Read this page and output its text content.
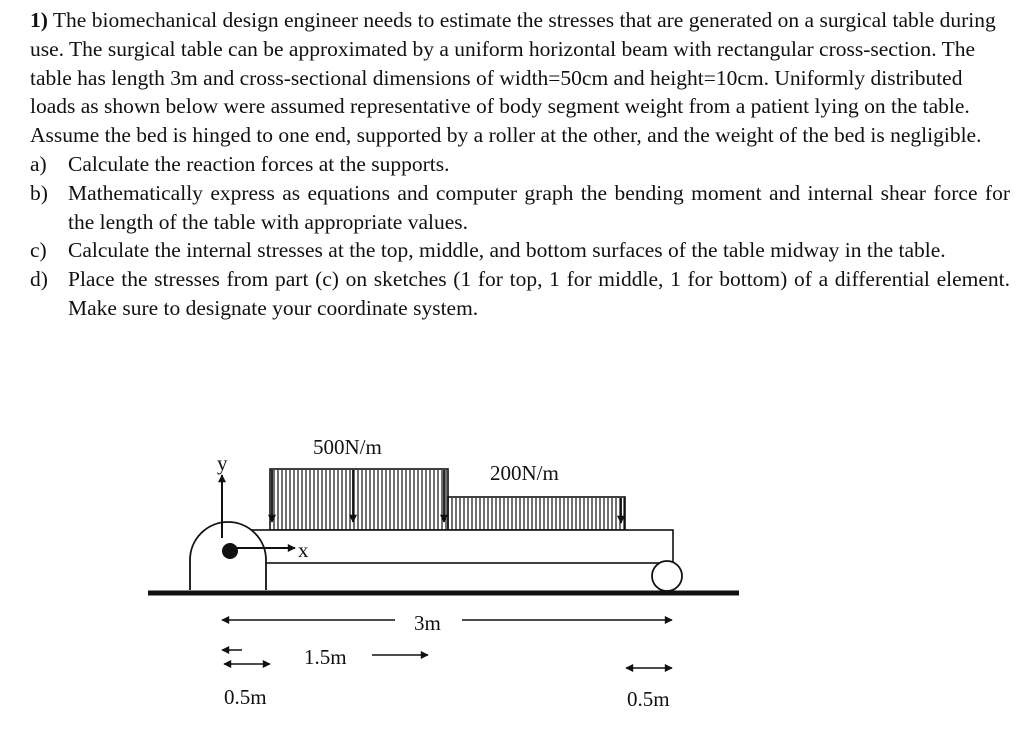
1) The biomechanical design engineer needs to estimate the stresses that are generated on a surgical table during use. The surgical table can be approximated by a uniform horizontal beam with rectangular cross-section. The table has length 3m and cross-sectional dimensions of width=50cm and height=10cm. Uniformly distributed loads as shown below were assumed representative of body segment weight from a patient lying on the table. Assume the bed is hinged to one end, supported by a roller at the other, and the weight of the bed is negligible.

a) Calculate the reaction forces at the supports.
b) Mathematically express as equations and computer graph the bending moment and internal shear force for the length of the table with appropriate values.
c) Calculate the internal stresses at the top, middle, and bottom surfaces of the table midway in the table.
d) Place the stresses from part (c) on sketches (1 for top, 1 for middle, 1 for bottom) of a differential element. Make sure to designate your coordinate system.
y
x
500N/m
200N/m
3m
1.5m
0.5m	0.5m
